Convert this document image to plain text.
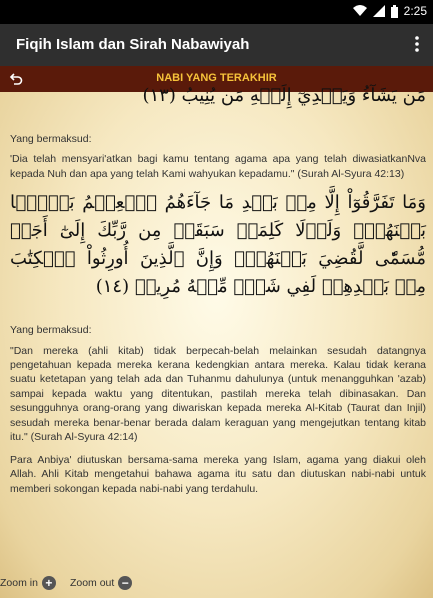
2:25
Fiqih Islam dan Sirah Nabawiyah
NABI YANG TERAKHIR

مَن يَشَآءُ وَيَهۡدِيٓ إِلَيۡهِ مَن يُنِيبُ (١٣)

Yang bermaksud:

'Dia telah mensyari'atkan bagi kamu tentang agama apa yang telah diwasiatkanNva kepada Nuh dan apa yang telah Kami wahyukan kepadamu." (Surah Al-Syura 42:13)

وَمَا تَفَرَّقُوٓاْ إِلَّا مِنۢ بَعۡدِ مَا جَآءَهُمُ ٱلۡعِلۡمُ بَغۡيَۢا بَيۡنَهُمۡۚ وَلَوۡلَا كَلِمَةٞ سَبَقَتۡ مِن رَّبِّكَ إِلَىٰٓ أَجَلٖ مُّسَمّٗى لَّقُضِيَ بَيۡنَهُمۡۚ وَإِنَّ ٱلَّذِينَ أُورِثُواْ ٱلۡكِتَٰبَ مِنۢ بَعۡدِهِمۡ لَفِي شَكّٖ مِّنۡهُ مُرِيبٖ (١٤)

Yang bermaksud:

"Dan mereka (ahli kitab) tidak berpecah-belah melainkan sesudah datangnya pengetahuan kepada mereka kerana kedengkian antara mereka. Kalau tidak kerana suatu ketetapan yang telah ada dan Tuhanmu dahulunya (untuk menangguhkan 'azab) sampai kepada waktu yang ditentukan, pastilah mereka telah dibinasakan. Dan sesungguhnya orang-orang yang diwariskan kepada mereka Al-Kitab (Taurat dan Injil) sesudah mereka benar-benar berada dalam keraguan yang mengejutkan tentang kitab itu." (Surah Al-Syura 42:14)

Para Anbiya' diutuskan bersama-sama mereka yang Islam, agama yang diakui oleh Allah. Ahli Kitab mengetahui bahawa agama itu satu dan diutuskan nabi-nabi untuk memberi sokongan kepada nabi-nabi yang terdahulu.

Zoom in +	Zoom out −
